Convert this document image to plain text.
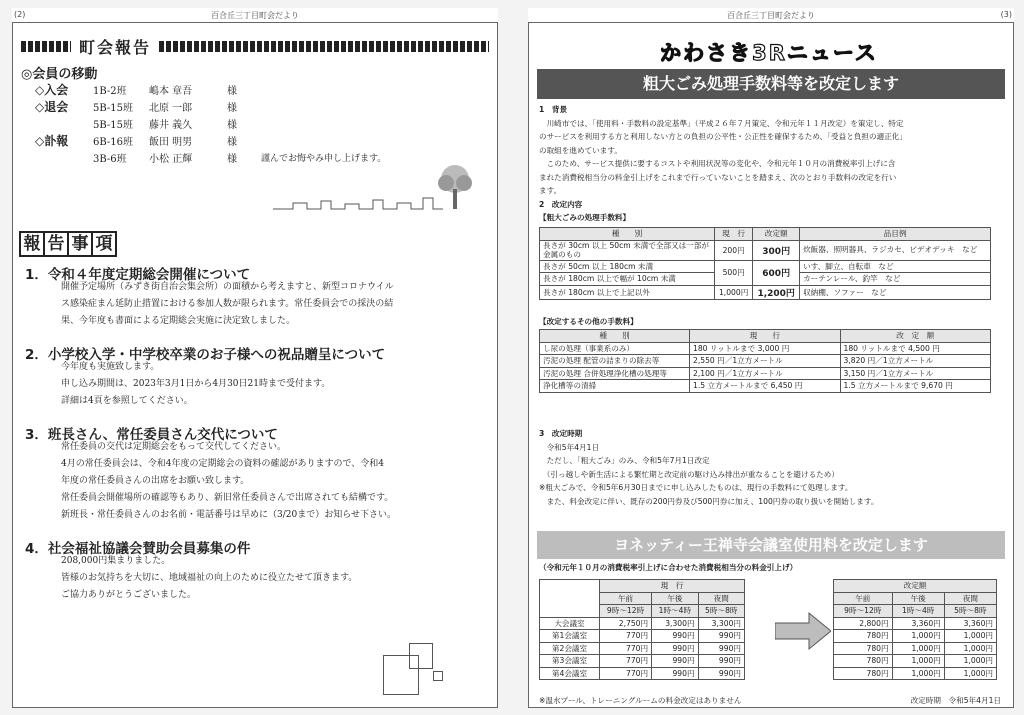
(2)	百合丘三丁目町会だより
町会報告
◎会員の移動
◇入会	1B-2班	嶋本 章吾	様
◇退会	5B-15班	北原 一郎	様
5B-15班	藤井 義久	様
◇訃報	6B-16班	飯田 明男	様
3B-6班	小松 正輝	様	謹んでお悔やみ申し上げます。
報 告 事 項
1．令和４年度定期総会開催について

開催予定場所（みずき街自治会集会所）の面積から考えますと、新型コロナウイル

ス感染症まん延防止措置における参加人数が限られます。常任委員会での採決の結

果、今年度も書面による定期総会実施に決定致しました。

2．小学校入学・中学校卒業のお子様への祝品贈呈について

今年度も実施致します。

申し込み期間は、2023年3月1日から4月30日21時まで受付ます。

詳細は4頁を参照してください。

3．班長さん、常任委員さん交代について

常任委員の交代は定期総会をもって交代してください。

4月の常任委員会は、令和4年度の定期総会の資料の確認がありますので、令和4

年度の常任委員さんの出席をお願い致します。

常任委員会開催場所の確認等もあり、新旧常任委員さんで出席されても結構です。

新班長・常任委員さんのお名前・電話番号は早めに（3/20まで）お知らせ下さい。

4．社会福祉協議会賛助会員募集の件

208,000円集まりました。

皆様のお気持ちを大切に、地域福祉の向上のために役立たせて頂きます。

ご協力ありがとうございました。

百合丘三丁目町会だより	(3)
かわさき3Rニュース
粗大ごみ処理手数料等を改定します

1　背景

　川崎市では、「使用料・手数料の設定基準」（平成２６年７月策定、令和元年１１月改定）を策定し、特定

のサービスを利用する方と利用しない方との負担の公平性・公正性を確保するため、「受益と負担の適正化」

の取組を進めています。

　このため、サービス提供に要するコストや利用状況等の変化や、令和元年１０月の消費税率引上げに含

まれた消費税相当分の料金引上げをこれまで行っていないことを踏まえ、次のとおり手数料の改定を行い

ます。

2　改定内容

【粗大ごみの処理手数料】

種　　別	現　行	改定額	品目例
長さが 30cm 以上 50cm 未満で全部又は一部が金属のもの	200円	300円	炊飯器、照明器具、ラジカセ、ビデオデッキ　など
長さが 50cm 以上 180cm 未満	500円	600円	いす、脚立、自転車　など
長さが 180cm 以上で幅が 10cm 未満			カーテンレール、釣竿　など
長さが 180cm 以上で上記以外	1,000円	1,200円	収納棚、ソファー　など
【改定するその他の手数料】
種　　別	現　　行	改　定　額
し尿の処理（事業系のみ）	180 リットルまで 3,000 円	180 リットルまで 4,500 円
汚泥の処理 配管の詰まりの除去等	2,550 円／1立方メートル	3,820 円／1立方メートル
汚泥の処理 合併処理浄化槽の処理等	2,100 円／1立方メートル	3,150 円／1立方メートル
浄化槽等の清掃	1.5 立方メートルまで 6,450 円	1.5 立方メートルまで 9,670 円

3　改定時期

　令和5年4月1日

　ただし、「粗大ごみ」のみ、令和5年7月1日改定

　（引っ越しや新生活による繁忙期と改定前の駆け込み排出が重なることを避けるため）

※粗大ごみで、令和5年6月30日までに申し込みしたものは、現行の手数料にて処理します。

　また、料金改定に伴い、既存の200円券及び500円券に加え、100円券の取り扱いを開始します。

ヨネッティー王禅寺会議室使用料を改定します
（令和元年１０月の消費税率引上げに合わせた消費税相当分の料金引上げ）
	現　行		
	午前	午後	夜間
	9時～12時	1時～4時	5時～8時
大会議室	2,750円	3,300円	3,300円
第1会議室	770円	990円	990円
第2会議室	770円	990円	990円
第3会議室	770円	990円	990円
第4会議室	770円	990円	990円
改定額		
午前	午後	夜間
9時～12時	1時～4時	5時～8時
2,800円	3,360円	3,360円
780円	1,000円	1,000円
780円	1,000円	1,000円
780円	1,000円	1,000円
780円	1,000円	1,000円
※温水プール、トレーニングルームの料金改定はありません	改定時期　令和5年4月1日
